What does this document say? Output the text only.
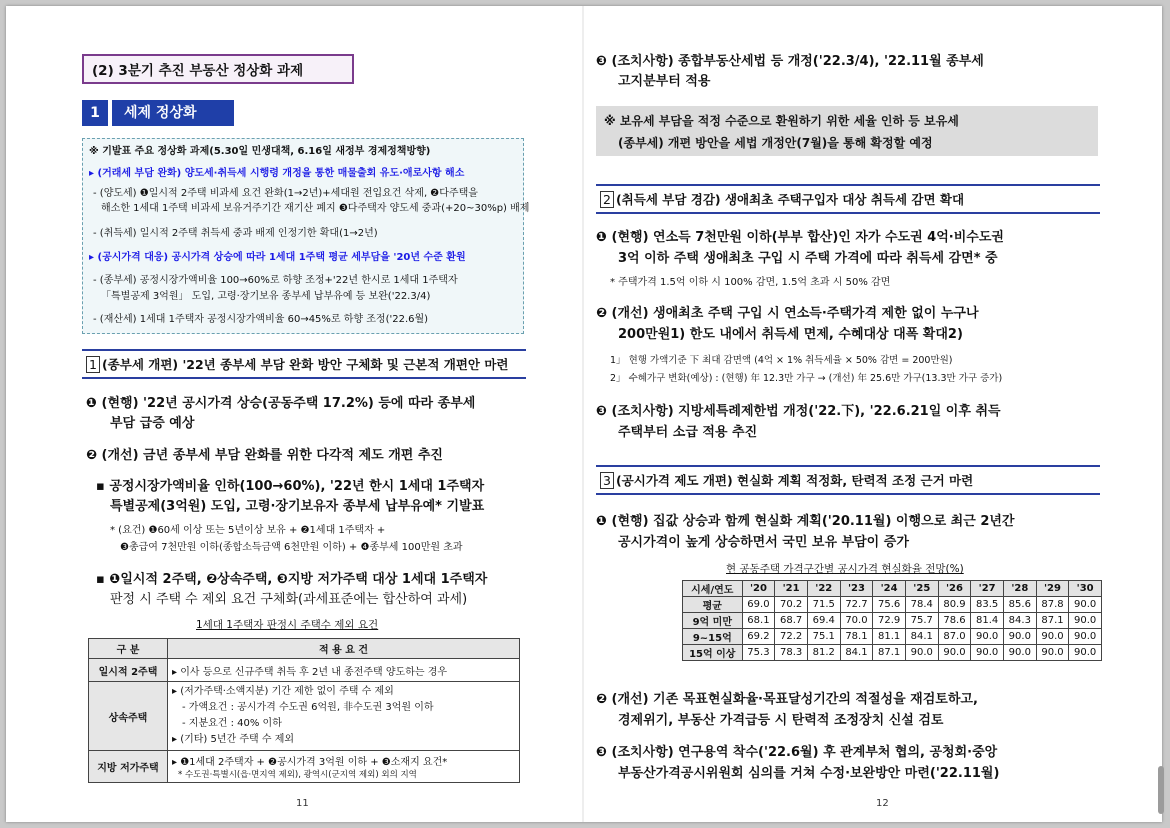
(2) 3분기 추진 부동산 정상화 과제
1	세제 정상화
※ 기발표 주요 정상화 과제(5.30일 민생대책, 6.16일 새정부 경제정책방향)
▸ (거래세 부담 완화) 양도세·취득세 시행령 개정을 통한 매물출회 유도·애로사항 해소
- (양도세) ❶일시적 2주택 비과세 요건 완화(1→2년)+세대원 전입요건 삭제, ❷다주택을
해소한 1세대 1주택 비과세 보유거주기간 재기산 폐지 ❸다주택자 양도세 중과(+20~30%p) 배제
- (취득세) 일시적 2주택 취득세 중과 배제 인정기한 확대(1→2년)
▸ (공시가격 대응) 공시가격 상승에 따라 1세대 1주택 평균 세부담을 '20년 수준 환원
- (종부세) 공정시장가액비율 100→60%로 하향 조정+'22년 한시로 1세대 1주택자
「특별공제 3억원」 도입, 고령·장기보유 종부세 납부유예 등 보완('22.3/4)
- (재산세) 1세대 1주택자 공정시장가액비율 60→45%로 하향 조정('22.6월)
1 (종부세 개편) '22년 종부세 부담 완화 방안 구체화 및 근본적 개편안 마련
❶ (현행) '22년 공시가격 상승(공동주택 17.2%) 등에 따라 종부세
부담 급증 예상
❷ (개선) 금년 종부세 부담 완화를 위한 다각적 제도 개편 추진
▪ 공정시장가액비율 인하(100→60%), '22년 한시 1세대 1주택자
특별공제(3억원) 도입, 고령·장기보유자 종부세 납부유예* 기발표
* (요건) ❶60세 이상 또는 5년이상 보유 + ❷1세대 1주택자 +
❸총급여 7천만원 이하(종합소득금액 6천만원 이하) + ❹종부세 100만원 초과
▪ ❶일시적 2주택, ❷상속주택, ❸지방 저가주택 대상 1세대 1주택자
판정 시 주택 수 제외 요건 구체화(과세표준에는 합산하여 과세)
1세대 1주택자 판정시 주택수 제외 요건
구 분	적 용 요 건
일시적 2주택	▸ 이사 등으로 신규주택 취득 후 2년 내 종전주택 양도하는 경우
상속주택	▸ (저가주택·소액지분) 기간 제한 없이 주택 수 제외
- 가액요건 : 공시가격 수도권 6억원, 非수도권 3억원 이하
- 지분요건 : 40% 이하
▸ (기타) 5년간 주택 수 제외

지방 저가주택	▸ ❶1세대 2주택자 + ❷공시가격 3억원 이하 + ❸소재지 요건*
* 수도권·특별시(읍·면지역 제외), 광역시(군지역 제외) 외의 지역
11
❸ (조치사항) 종합부동산세법 등 개정('22.3/4), '22.11월 종부세
고지분부터 적용
※ 보유세 부담을 적정 수준으로 환원하기 위한 세율 인하 등 보유세
(종부세) 개편 방안을 세법 개정안(7월)을 통해 확정할 예정
2 (취득세 부담 경감) 생애최초 주택구입자 대상 취득세 감면 확대
❶ (현행) 연소득 7천만원 이하(부부 합산)인 자가 수도권 4억·비수도권
3억 이하 주택 생애최초 구입 시 주택 가격에 따라 취득세 감면* 중
* 주택가격 1.5억 이하 시 100% 감면, 1.5억 초과 시 50% 감면
❷ (개선) 생애최초 주택 구입 시 연소득·주택가격 제한 없이 누구나
200만원1) 한도 내에서 취득세 면제, 수혜대상 대폭 확대2)
1」 현행 가액기준 下 최대 감면액 (4억 × 1% 취득세율 × 50% 감면 = 200만원)
2」 수혜가구 변화(예상) : (현행) 年 12.3만 가구 → (개선) 年 25.6만 가구(13.3만 가구 증가)
❸ (조치사항) 지방세특례제한법 개정('22.下), '22.6.21일 이후 취득
주택부터 소급 적용 추진
3 (공시가격 제도 개편) 현실화 계획 적정화, 탄력적 조정 근거 마련
❶ (현행) 집값 상승과 함께 현실화 계획('20.11월) 이행으로 최근 2년간
공시가격이 높게 상승하면서 국민 보유 부담이 증가
현 공동주택 가격구간별 공시가격 현실화율 전망(%)
시세/연도	'20	'21	'22	'23	'24	'25	'26	'27	'28	'29	'30
평균	69.0	70.2	71.5	72.7	75.6	78.4	80.9	83.5	85.6	87.8	90.0
9억 미만	68.1	68.7	69.4	70.0	72.9	75.7	78.6	81.4	84.3	87.1	90.0
9~15억	69.2	72.2	75.1	78.1	81.1	84.1	87.0	90.0	90.0	90.0	90.0
15억 이상	75.3	78.3	81.2	84.1	87.1	90.0	90.0	90.0	90.0	90.0	90.0
❷ (개선) 기존 목표현실화율·목표달성기간의 적절성을 재검토하고,
경제위기, 부동산 가격급등 시 탄력적 조정장치 신설 검토
❸ (조치사항) 연구용역 착수('22.6월) 후 관계부처 협의, 공청회·중앙
부동산가격공시위원회 심의를 거쳐 수정·보완방안 마련('22.11월)
12
